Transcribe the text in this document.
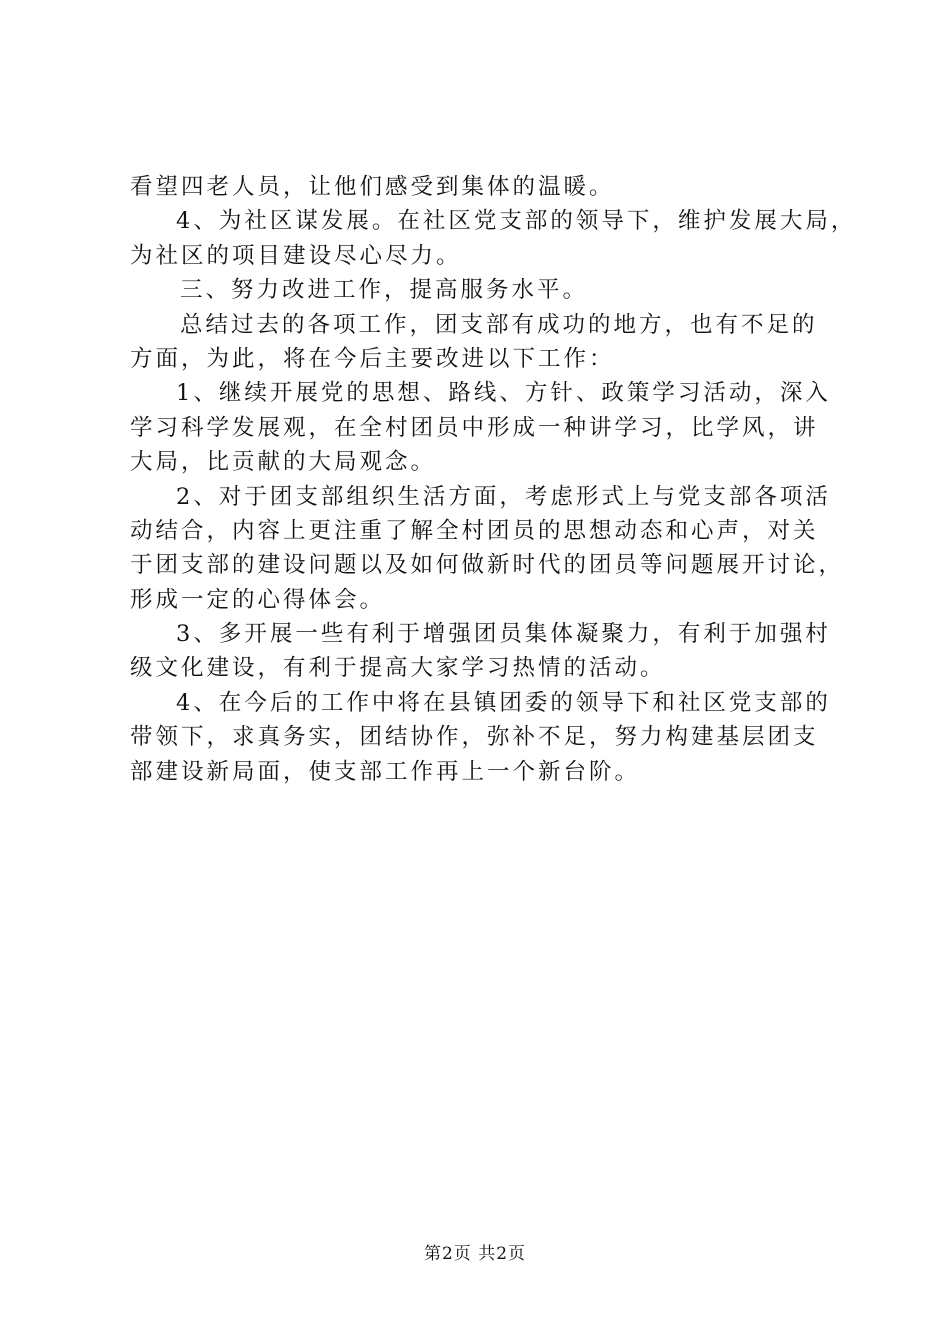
看望四老人员，让他们感受到集体的温暖。
4、为社区谋发展。在社区党支部的领导下，维护发展大局，
为社区的项目建设尽心尽力。
三、努力改进工作，提高服务水平。
总结过去的各项工作，团支部有成功的地方，也有不足的
方面，为此，将在今后主要改进以下工作：
1、继续开展党的思想、路线、方针、政策学习活动，深入
学习科学发展观，在全村团员中形成一种讲学习，比学风，讲
大局，比贡献的大局观念。
2、对于团支部组织生活方面，考虑形式上与党支部各项活
动结合，内容上更注重了解全村团员的思想动态和心声，对关
于团支部的建设问题以及如何做新时代的团员等问题展开讨论，
形成一定的心得体会。
3、多开展一些有利于增强团员集体凝聚力，有利于加强村
级文化建设，有利于提高大家学习热情的活动。
4、在今后的工作中将在县镇团委的领导下和社区党支部的
带领下，求真务实，团结协作，弥补不足，努力构建基层团支
部建设新局面，使支部工作再上一个新台阶。
第2页 共2页
